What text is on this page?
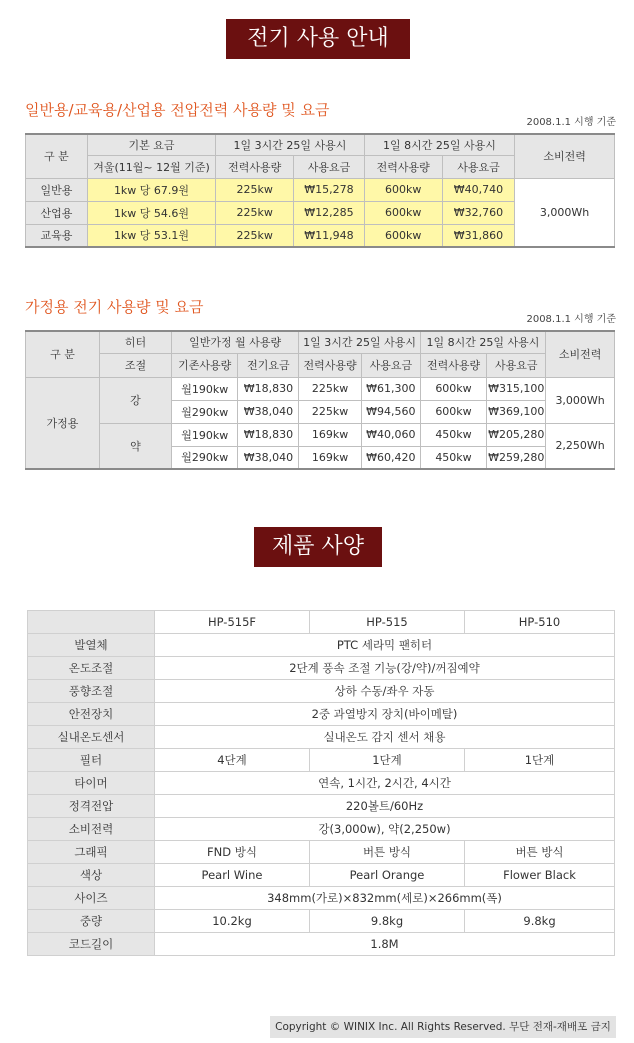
전기 사용 안내
일반용/교육용/산업용 전압전력 사용량 및 요금
2008.1.1 시행 기준
구 분	기본 요금	1일 3시간 25일 사용시		1일 8시간 25일 사용시		소비전력
	겨울(11월~ 12월 기준)	전력사용량	사용요금	전력사용량	사용요금	
일반용	1kw 당 67.9원	225kw	₩15,278	600kw	₩40,740	3,000Wh
산업용	1kw 당 54.6원	225kw	₩12,285	600kw	₩32,760	
교육용	1kw 당 53.1원	225kw	₩11,948	600kw	₩31,860	
가정용 전기 사용량 및 요금
2008.1.1 시행 기준
구 분	히터	일반가정 월 사용량		1일 3시간 25일 사용시		1일 8시간 25일 사용시		소비전력
	조절	기존사용량	전기요금	전력사용량	사용요금	전력사용량	사용요금	
가정용	강	월190kw	₩18,830	225kw	₩61,300	600kw	₩315,100	3,000Wh
		월290kw	₩38,040	225kw	₩94,560	600kw	₩369,100	
	약	월190kw	₩18,830	169kw	₩40,060	450kw	₩205,280	2,250Wh
		월290kw	₩38,040	169kw	₩60,420	450kw	₩259,280	
제품 사양
	HP-515F	HP-515	HP-510
발열체	PTC 세라믹 팬히터		
온도조절	2단계 풍속 조절 기능(강/약)/꺼짐예약		
풍향조절	상하 수동/좌우 자동		
안전장치	2중 과열방지 장치(바이메탈)		
실내온도센서	실내온도 감지 센서 채용		
필터	4단계	1단계	1단계
타이머	연속, 1시간, 2시간, 4시간		
정격전압	220볼트/60Hz		
소비전력	강(3,000w), 약(2,250w)		
그래픽	FND 방식	버튼 방식	버튼 방식
색상	Pearl Wine	Pearl Orange	Flower Black
사이즈	348mm(가로)×832mm(세로)×266mm(폭)		
중량	10.2kg	9.8kg	9.8kg
코드길이	1.8M		
Copyright © WINIX Inc. All Rights Reserved. 무단 전재-재배포 금지
